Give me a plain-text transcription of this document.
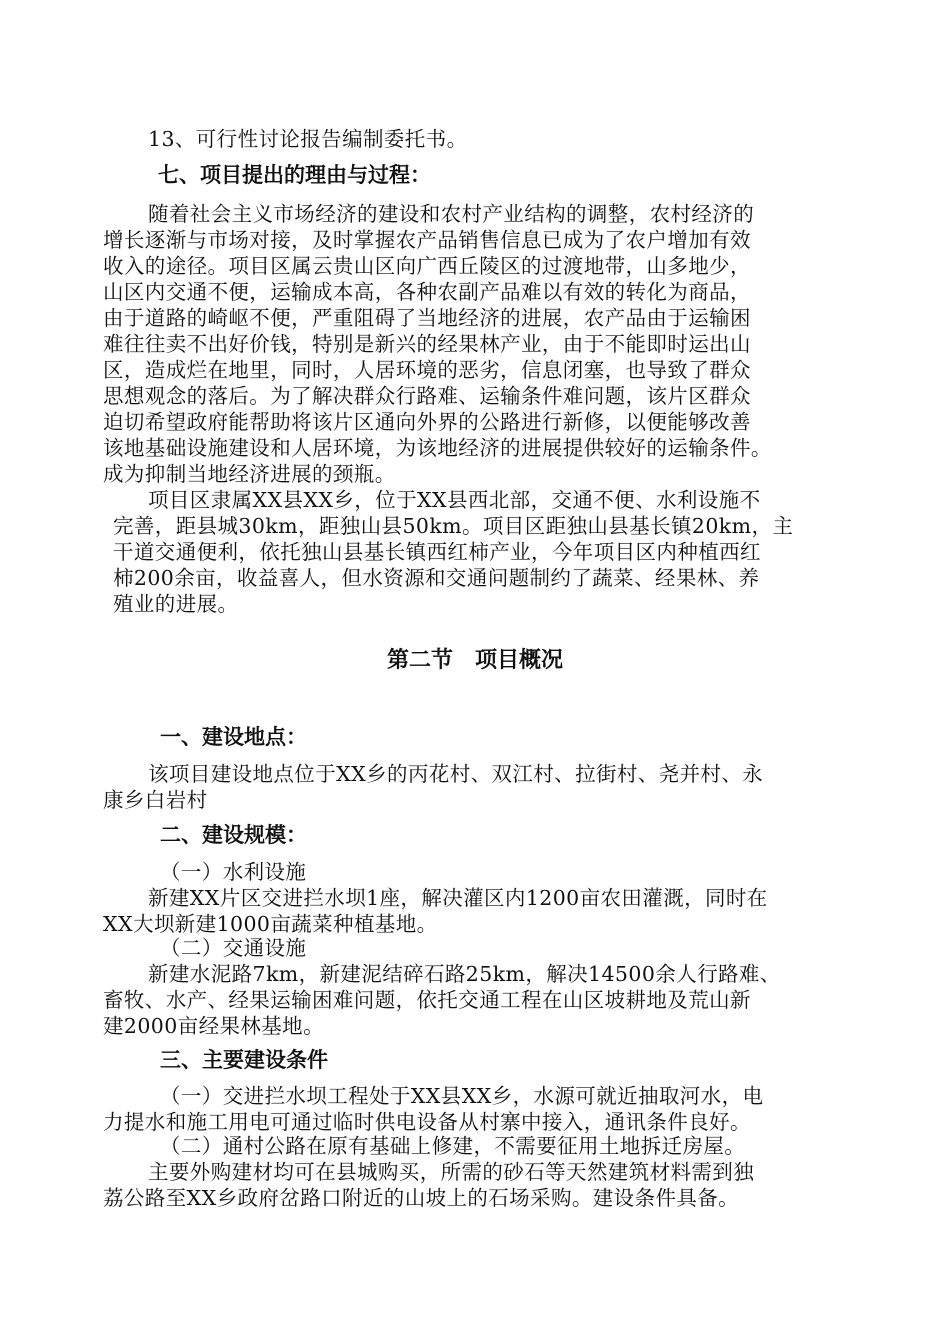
13、可行性讨论报告编制委托书。
七、项目提出的理由与过程：
随着社会主义市场经济的建设和农村产业结构的调整，农村经济的
增长逐渐与市场对接，及时掌握农产品销售信息已成为了农户增加有效
收入的途径。项目区属云贵山区向广西丘陵区的过渡地带，山多地少，
山区内交通不便，运输成本高，各种农副产品难以有效的转化为商品，
由于道路的崎岖不便，严重阻碍了当地经济的进展，农产品由于运输困
难往往卖不出好价钱，特别是新兴的经果林产业，由于不能即时运出山
区，造成烂在地里，同时，人居环境的恶劣，信息闭塞，也导致了群众
思想观念的落后。为了解决群众行路难、运输条件难问题，该片区群众
迫切希望政府能帮助将该片区通向外界的公路进行新修，以便能够改善
该地基础设施建设和人居环境，为该地经济的进展提供较好的运输条件。
成为抑制当地经济进展的颈瓶。
项目区隶属XX县XX乡，位于XX县西北部，交通不便、水利设施不
完善，距县城30km，距独山县50km。项目区距独山县基长镇20km，主
干道交通便利，依托独山县基长镇西红柿产业，今年项目区内种植西红
柿200余亩，收益喜人，但水资源和交通问题制约了蔬菜、经果林、养
殖业的进展。
第二节　项目概况
一、建设地点：
该项目建设地点位于XX乡的丙花村、双江村、拉街村、尧并村、永
康乡白岩村
二、建设规模：
（一）水利设施
新建XX片区交进拦水坝1座，解决灌区内1200亩农田灌溉，同时在
XX大坝新建1000亩蔬菜种植基地。
（二）交通设施
新建水泥路7km，新建泥结碎石路25km，解决14500余人行路难、
畜牧、水产、经果运输困难问题，依托交通工程在山区坡耕地及荒山新
建2000亩经果林基地。
三、主要建设条件
（一）交进拦水坝工程处于XX县XX乡，水源可就近抽取河水，电
力提水和施工用电可通过临时供电设备从村寨中接入，通讯条件良好。
（二）通村公路在原有基础上修建，不需要征用土地拆迁房屋。
主要外购建材均可在县城购买，所需的砂石等天然建筑材料需到独
荔公路至XX乡政府岔路口附近的山坡上的石场采购。建设条件具备。
